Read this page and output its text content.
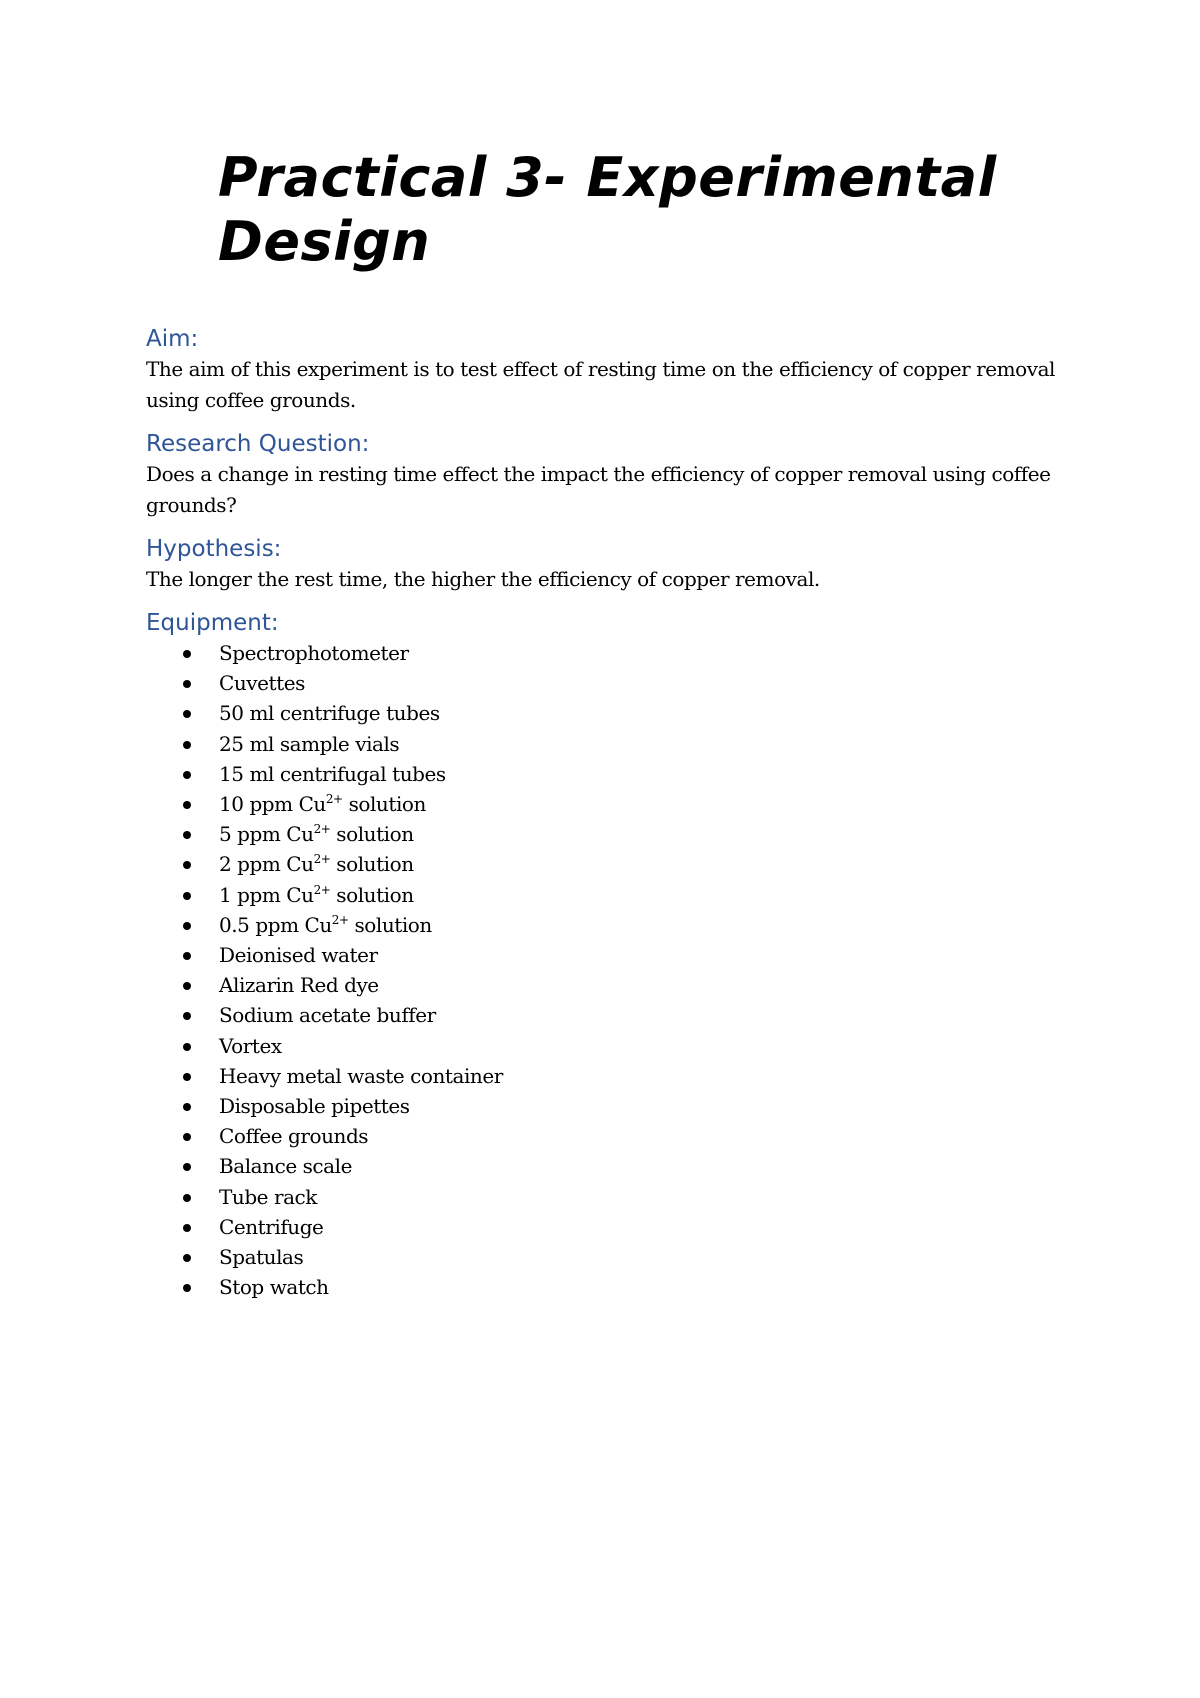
Practical 3- Experimental Design
Aim:

The aim of this experiment is to test effect of resting time on the efficiency of copper removal using coffee grounds.

Research Question:

Does a change in resting time effect the impact the efficiency of copper removal using coffee grounds?

Hypothesis:

The longer the rest time, the higher the efficiency of copper removal.

Equipment:
Spectrophotometer
Cuvettes
50 ml centrifuge tubes
25 ml sample vials
15 ml centrifugal tubes
10 ppm $Cu^{2+}$ solution
5 ppm $Cu^{2+}$ solution
2 ppm $Cu^{2+}$ solution
1 ppm $Cu^{2+}$ solution
0.5 ppm $Cu^{2+}$ solution
Deionised water
Alizarin Red dye
Sodium acetate buffer
Vortex
Heavy metal waste container
Disposable pipettes
Coffee grounds
Balance scale
Tube rack
Centrifuge
Spatulas
Stop watch
